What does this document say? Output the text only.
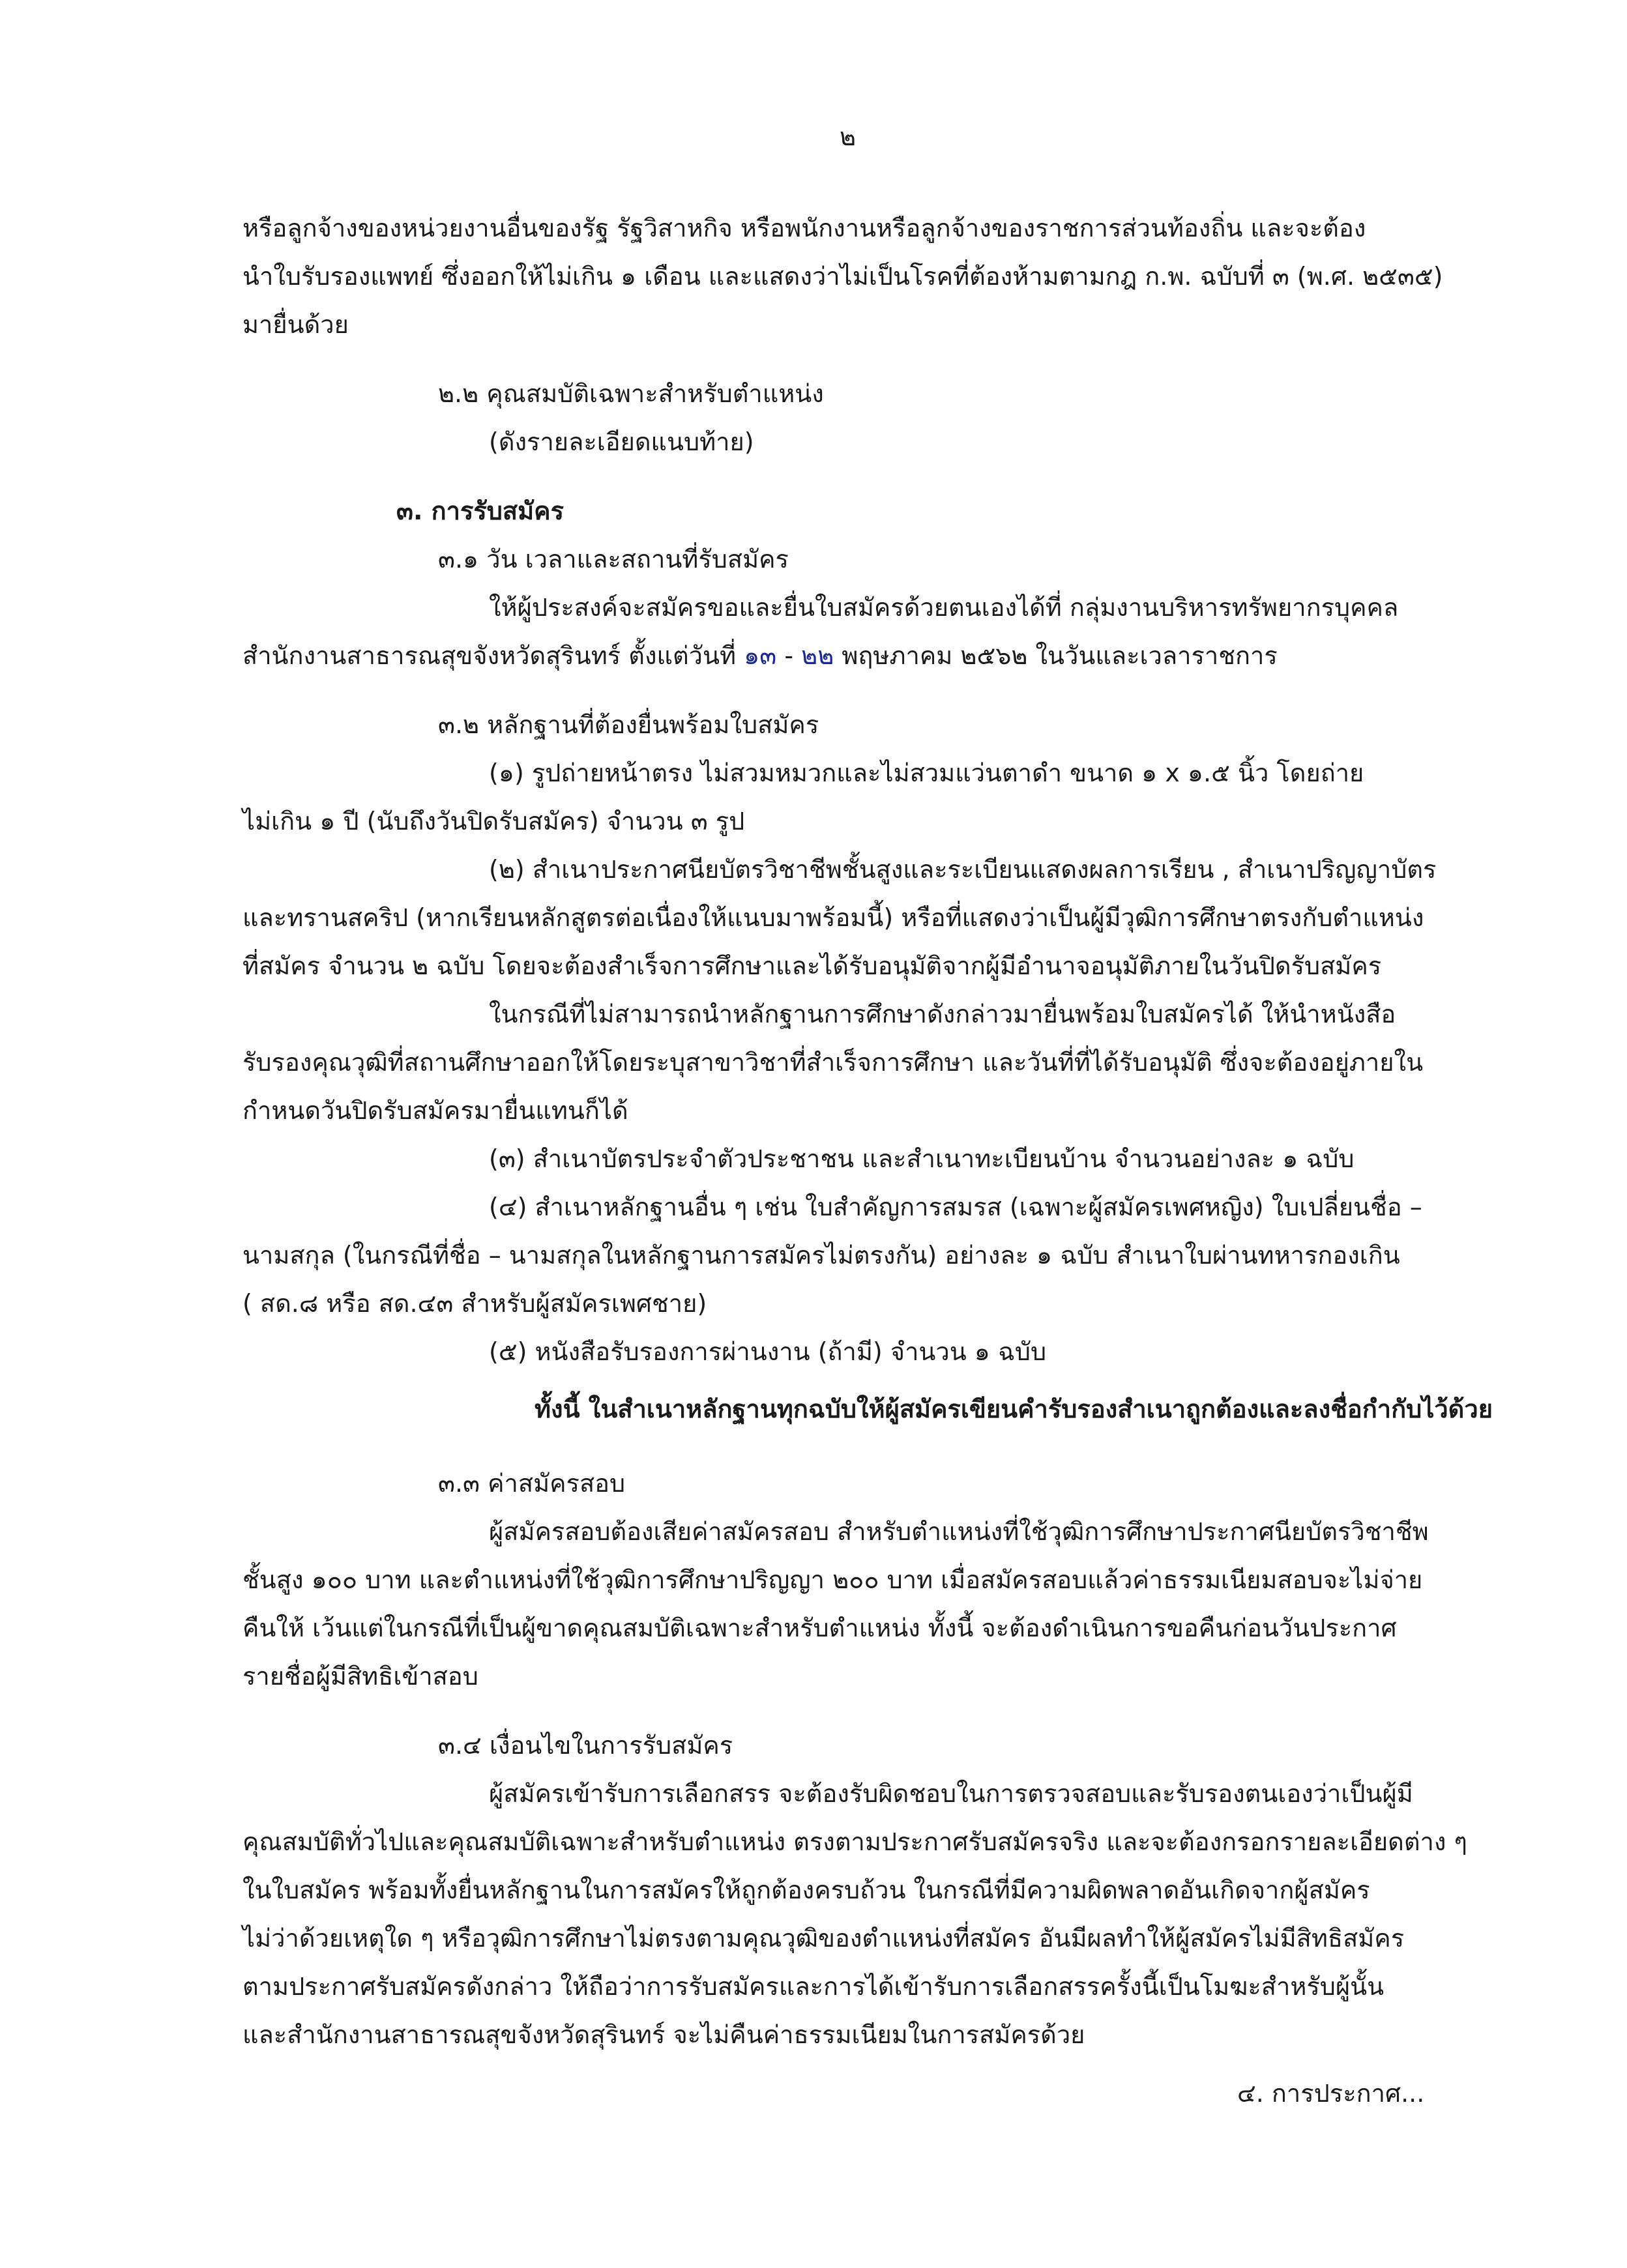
๒

หรือลูกจ้างของหน่วยงานอื่นของรัฐ รัฐวิสาหกิจ หรือพนักงานหรือลูกจ้างของราชการส่วนท้องถิ่น และจะต้อง

นำใบรับรองแพทย์ ซึ่งออกให้ไม่เกิน ๑ เดือน และแสดงว่าไม่เป็นโรคที่ต้องห้ามตามกฎ ก.พ. ฉบับที่ ๓ (พ.ศ. ๒๕๓๕)

มายื่นด้วย

๒.๒ คุณสมบัติเฉพาะสำหรับตำแหน่ง

(ดังรายละเอียดแนบท้าย)

๓. การรับสมัคร

๓.๑ วัน เวลาและสถานที่รับสมัคร

ให้ผู้ประสงค์จะสมัครขอและยื่นใบสมัครด้วยตนเองได้ที่ กลุ่มงานบริหารทรัพยากรบุคคล

สำนักงานสาธารณสุขจังหวัดสุรินทร์ ตั้งแต่วันที่ ๑๓ - ๒๒ พฤษภาคม ๒๕๖๒ ในวันและเวลาราชการ

๓.๒ หลักฐานที่ต้องยื่นพร้อมใบสมัคร

(๑) รูปถ่ายหน้าตรง ไม่สวมหมวกและไม่สวมแว่นตาดำ ขนาด ๑ x ๑.๕ นิ้ว โดยถ่าย

ไม่เกิน ๑ ปี (นับถึงวันปิดรับสมัคร) จำนวน ๓ รูป

(๒) สำเนาประกาศนียบัตรวิชาชีพชั้นสูงและระเบียนแสดงผลการเรียน , สำเนาปริญญาบัตร

และทรานสคริป (หากเรียนหลักสูตรต่อเนื่องให้แนบมาพร้อมนี้) หรือที่แสดงว่าเป็นผู้มีวุฒิการศึกษาตรงกับตำแหน่ง

ที่สมัคร จำนวน ๒ ฉบับ โดยจะต้องสำเร็จการศึกษาและได้รับอนุมัติจากผู้มีอำนาจอนุมัติภายในวันปิดรับสมัคร

ในกรณีที่ไม่สามารถนำหลักฐานการศึกษาดังกล่าวมายื่นพร้อมใบสมัครได้ ให้นำหนังสือ

รับรองคุณวุฒิที่สถานศึกษาออกให้โดยระบุสาขาวิชาที่สำเร็จการศึกษา และวันที่ที่ได้รับอนุมัติ ซึ่งจะต้องอยู่ภายใน

กำหนดวันปิดรับสมัครมายื่นแทนก็ได้

(๓) สำเนาบัตรประจำตัวประชาชน และสำเนาทะเบียนบ้าน จำนวนอย่างละ ๑ ฉบับ

(๔) สำเนาหลักฐานอื่น ๆ เช่น ใบสำคัญการสมรส (เฉพาะผู้สมัครเพศหญิง) ใบเปลี่ยนชื่อ –

นามสกุล (ในกรณีที่ชื่อ – นามสกุลในหลักฐานการสมัครไม่ตรงกัน) อย่างละ ๑ ฉบับ สำเนาใบผ่านทหารกองเกิน

( สด.๘ หรือ สด.๔๓ สำหรับผู้สมัครเพศชาย)

(๕) หนังสือรับรองการผ่านงาน (ถ้ามี) จำนวน ๑ ฉบับ

ทั้งนี้ ในสำเนาหลักฐานทุกฉบับให้ผู้สมัครเขียนคำรับรองสำเนาถูกต้องและลงชื่อกำกับไว้ด้วย

๓.๓ ค่าสมัครสอบ

ผู้สมัครสอบต้องเสียค่าสมัครสอบ สำหรับตำแหน่งที่ใช้วุฒิการศึกษาประกาศนียบัตรวิชาชีพ

ชั้นสูง ๑๐๐ บาท และตำแหน่งที่ใช้วุฒิการศึกษาปริญญา ๒๐๐ บาท เมื่อสมัครสอบแล้วค่าธรรมเนียมสอบจะไม่จ่าย

คืนให้ เว้นแต่ในกรณีที่เป็นผู้ขาดคุณสมบัติเฉพาะสำหรับตำแหน่ง ทั้งนี้ จะต้องดำเนินการขอคืนก่อนวันประกาศ

รายชื่อผู้มีสิทธิเข้าสอบ

๓.๔ เงื่อนไขในการรับสมัคร

ผู้สมัครเข้ารับการเลือกสรร จะต้องรับผิดชอบในการตรวจสอบและรับรองตนเองว่าเป็นผู้มี

คุณสมบัติทั่วไปและคุณสมบัติเฉพาะสำหรับตำแหน่ง ตรงตามประกาศรับสมัครจริง และจะต้องกรอกรายละเอียดต่าง ๆ

ในใบสมัคร พร้อมทั้งยื่นหลักฐานในการสมัครให้ถูกต้องครบถ้วน ในกรณีที่มีความผิดพลาดอันเกิดจากผู้สมัคร

ไม่ว่าด้วยเหตุใด ๆ หรือวุฒิการศึกษาไม่ตรงตามคุณวุฒิของตำแหน่งที่สมัคร อันมีผลทำให้ผู้สมัครไม่มีสิทธิสมัคร

ตามประกาศรับสมัครดังกล่าว ให้ถือว่าการรับสมัครและการได้เข้ารับการเลือกสรรครั้งนี้เป็นโมฆะสำหรับผู้นั้น

และสำนักงานสาธารณสุขจังหวัดสุรินทร์ จะไม่คืนค่าธรรมเนียมในการสมัครด้วย

๔. การประกาศ...
